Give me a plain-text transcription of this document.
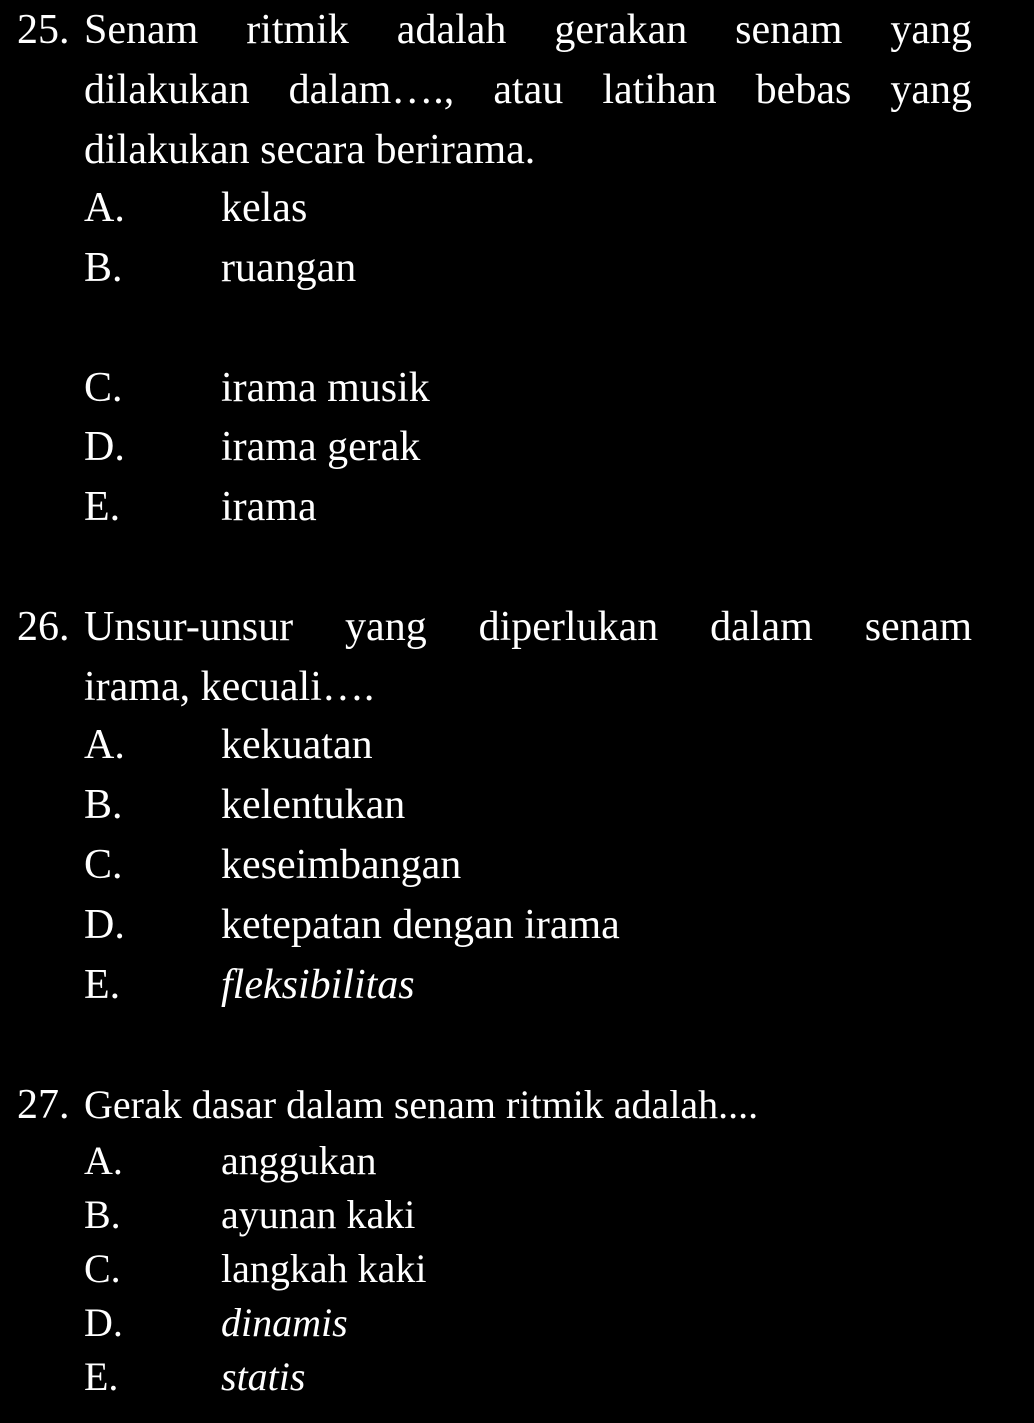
25. Senam ritmik adalah gerakan senam yang
dilakukan dalam…., atau latihan bebas yang
dilakukan secara berirama.
A. kelas
B. ruangan
C. irama musik
D. irama gerak
E. irama
26. Unsur-unsur yang diperlukan dalam senam
irama, kecuali….
A. kekuatan
B. kelentukan
C. keseimbangan
D. ketepatan dengan irama
E. fleksibilitas
27. Gerak dasar dalam senam ritmik adalah....
A. anggukan
B.	ayunan kaki
C.	langkah kaki
D. dinamis
E.	statis
